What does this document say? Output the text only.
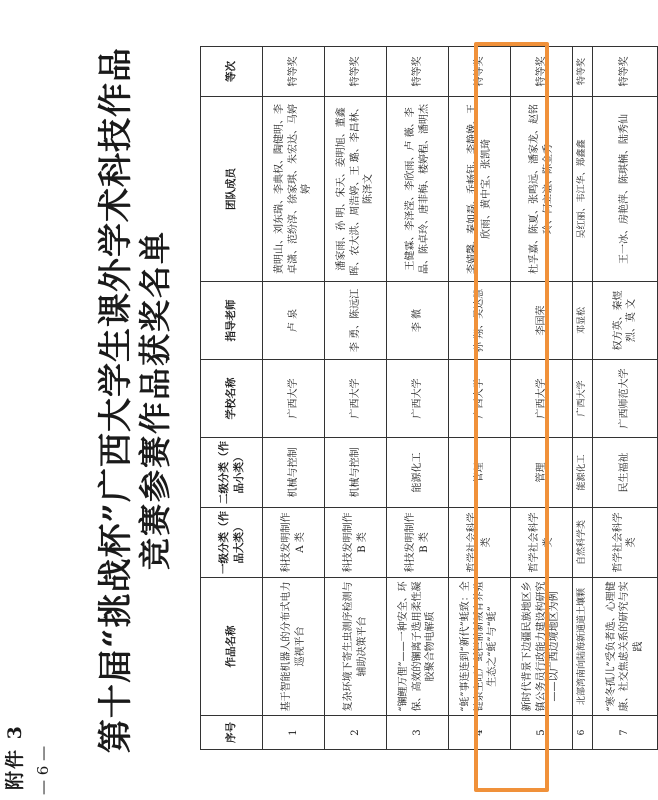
附件 3 — 6 —
第十届“挑战杯”广西大学生课外学术科技作品 竞赛参赛作品获奖名单
序号	作品名称	一级分类（作品大类）	二级分类（作品小类）	学校名称	指导老师	团队成员	等次
1	基于智能机器人的分布式电力巡视平台	科技发明制作 A 类	机械与控制	广西大学	卢 泉	黄明山、刘东瑞、李典权、陶健明、李卓潇、范纷淳、徐家琪、朱宏达、马婷婷	特等奖
2	复杂环境下寄生虫测序检测与辅助决策平台	科技发明制作 B 类	机械与控制	广西大学	李 勇、陈远江	潘家雨、孙 明、宋天、姜明旭、董鑫晖、农大洪、周浩婷、王 璐、李昌林、陈泽文	特等奖
3	“镧鲤万俚”——一种安全、环保、高效的镧离子选用柔性凝胶聚合物电解质	科技发明制作 B 类	能源化工	广西大学	李 微	王健霖、李泽滢、李欣雨、卢 薇、李 晶、陈卓玲、唐菲梅、楼婷程、潘明杰	特等奖
4	“蚝”事连连到“新代”蚝致：全链条主旺产蚝栏前新叛育养殖生态之“蚝”与“蚝”	哲学社会科学类	管理	广西大学	孙 翔、吴达慧	李婧馨、秦如磊、乔畅钰、李静娩、王欣雨、黄中宝、张凯琦	特等奖
5	新时代背景下边疆民族地区乡镇公务员行政能力建设构研究——以广西边境地区为例	哲学社会科学类	管理	广西大学	李国荣	杜孚嘉、陈夏、张鸣远、潘家龙、赵铭玲、何立谊、陈金秀	特等奖
6	北部湾南向陆海新通道土壤颗	自然科学类	能源化工	广西大学	邓显松	吴红丽、韦江华、郑鑫鑫	特等奖
7	“寒冬孤儿”受负者选、心理健康、社交焦虑关系的研究与实践	哲学社会科学类	民生福祉	广西师范大学	权方英、秦煜烈、莫 文	王一冰、房艳萍、陈琪楠、陆秀仙	特等奖
